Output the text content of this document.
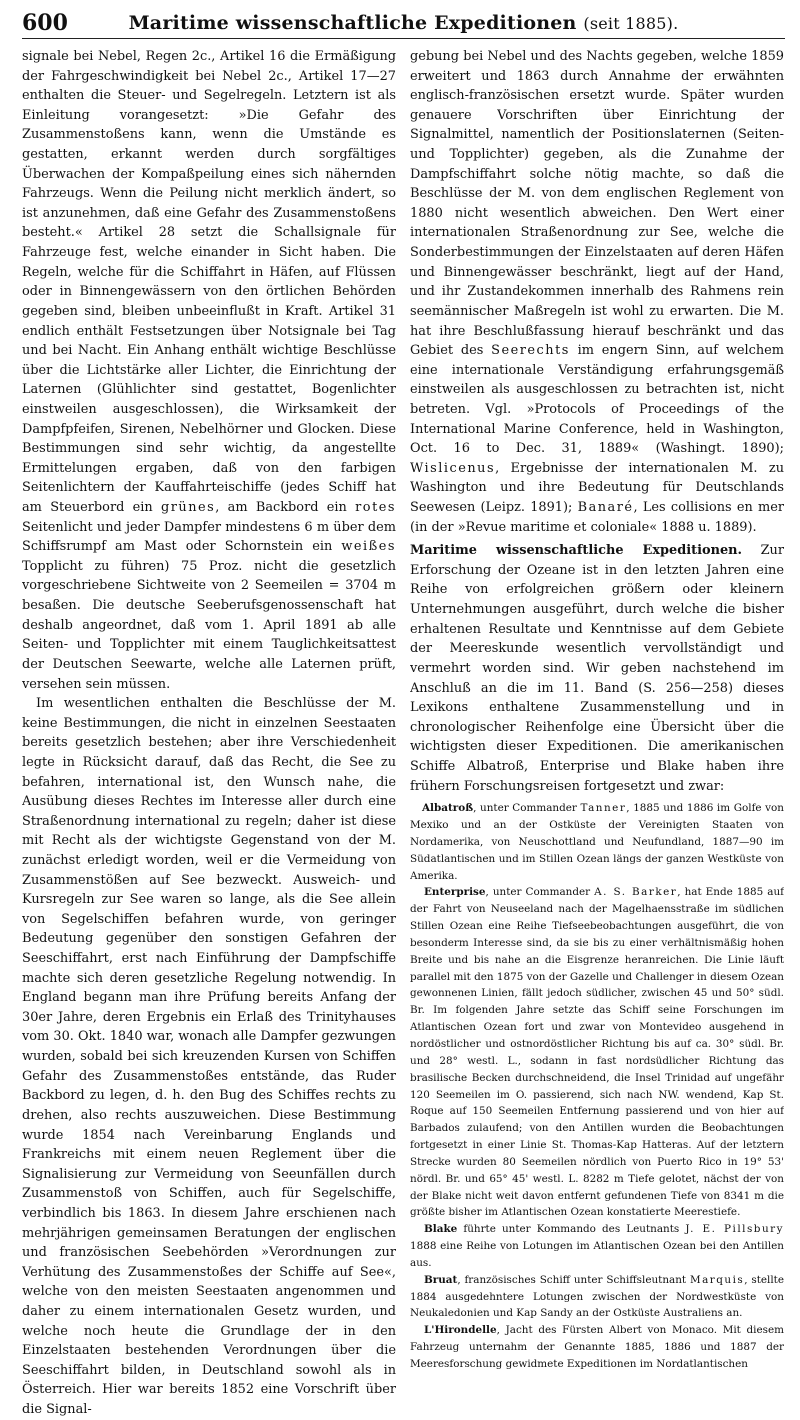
600	Maritime wissenschaftliche Expeditionen (seit 1885).

signale bei Nebel, Regen 2c., Artikel 16 die Ermäßigung der Fahrgeschwindigkeit bei Nebel 2c., Artikel 17—27 enthalten die Steuer- und Segelregeln. Letztern ist als Einleitung vorangesetzt: »Die Gefahr des Zusammenstoßens kann, wenn die Umstände es gestatten, erkannt werden durch sorgfältiges Überwachen der Kompaßpeilung eines sich nähernden Fahrzeugs. Wenn die Peilung nicht merklich ändert, so ist anzunehmen, daß eine Gefahr des Zusammenstoßens besteht.« Artikel 28 setzt die Schallsignale für Fahrzeuge fest, welche einander in Sicht haben. Die Regeln, welche für die Schiffahrt in Häfen, auf Flüssen oder in Binnengewässern von den örtlichen Behörden gegeben sind, bleiben unbeeinflußt in Kraft. Artikel 31 endlich enthält Festsetzungen über Notsignale bei Tag und bei Nacht. Ein Anhang enthält wichtige Beschlüsse über die Lichtstärke aller Lichter, die Einrichtung der Laternen (Glühlichter sind gestattet, Bogenlichter einstweilen ausgeschlossen), die Wirksamkeit der Dampfpfeifen, Sirenen, Nebelhörner und Glocken. Diese Bestimmungen sind sehr wichtig, da angestellte Ermittelungen ergaben, daß von den farbigen Seitenlichtern der Kauffahrteischiffe (jedes Schiff hat am Steuerbord ein grünes, am Backbord ein rotes Seitenlicht und jeder Dampfer mindestens 6 m über dem Schiffsrumpf am Mast oder Schornstein ein weißes Topplicht zu führen) 75 Proz. nicht die gesetzlich vorgeschriebene Sichtweite von 2 Seemeilen = 3704 m besaßen. Die deutsche Seeberufsgenossenschaft hat deshalb angeordnet, daß vom 1. April 1891 ab alle Seiten- und Topplichter mit einem Tauglichkeitsattest der Deutschen Seewarte, welche alle Laternen prüft, versehen sein müssen.

Im wesentlichen enthalten die Beschlüsse der M. keine Bestimmungen, die nicht in einzelnen Seestaaten bereits gesetzlich bestehen; aber ihre Verschiedenheit legte in Rücksicht darauf, daß das Recht, die See zu befahren, international ist, den Wunsch nahe, die Ausübung dieses Rechtes im Interesse aller durch eine Straßenordnung international zu regeln; daher ist diese mit Recht als der wichtigste Gegenstand von der M. zunächst erledigt worden, weil er die Vermeidung von Zusammenstößen auf See bezweckt. Ausweich- und Kursregeln zur See waren so lange, als die See allein von Segelschiffen befahren wurde, von geringer Bedeutung gegenüber den sonstigen Gefahren der Seeschiffahrt, erst nach Einführung der Dampfschiffe machte sich deren gesetzliche Regelung notwendig. In England begann man ihre Prüfung bereits Anfang der 30er Jahre, deren Ergebnis ein Erlaß des Trinityhauses vom 30. Okt. 1840 war, wonach alle Dampfer gezwungen wurden, sobald bei sich kreuzenden Kursen von Schiffen Gefahr des Zusammenstoßes entstände, das Ruder Backbord zu legen, d. h. den Bug des Schiffes rechts zu drehen, also rechts auszuweichen. Diese Bestimmung wurde 1854 nach Vereinbarung Englands und Frankreichs mit einem neuen Reglement über die Signalisierung zur Vermeidung von Seeunfällen durch Zusammenstoß von Schiffen, auch für Segelschiffe, verbindlich bis 1863. In diesem Jahre erschienen nach mehrjährigen gemeinsamen Beratungen der englischen und französischen Seebehörden »Verordnungen zur Verhütung des Zusammenstoßes der Schiffe auf See«, welche von den meisten Seestaaten angenommen und daher zu einem internationalen Gesetz wurden, und welche noch heute die Grundlage der in den Einzelstaaten bestehenden Verordnungen über die Seeschiffahrt bilden, in Deutschland sowohl als in Österreich. Hier war bereits 1852 eine Vorschrift über die Signal-

gebung bei Nebel und des Nachts gegeben, welche 1859 erweitert und 1863 durch Annahme der erwähnten englisch-französischen ersetzt wurde. Später wurden genauere Vorschriften über Einrichtung der Signalmittel, namentlich der Positionslaternen (Seiten- und Topplichter) gegeben, als die Zunahme der Dampfschiffahrt solche nötig machte, so daß die Beschlüsse der M. von dem englischen Reglement von 1880 nicht wesentlich abweichen. Den Wert einer internationalen Straßenordnung zur See, welche die Sonderbestimmungen der Einzelstaaten auf deren Häfen und Binnengewässer beschränkt, liegt auf der Hand, und ihr Zustandekommen innerhalb des Rahmens rein seemännischer Maßregeln ist wohl zu erwarten. Die M. hat ihre Beschlußfassung hierauf beschränkt und das Gebiet des Seerechts im engern Sinn, auf welchem eine internationale Verständigung erfahrungsgemäß einstweilen als ausgeschlossen zu betrachten ist, nicht betreten. Vgl. »Protocols of Proceedings of the International Marine Conference, held in Washington, Oct. 16 to Dec. 31, 1889« (Washingt. 1890); Wislicenus, Ergebnisse der internationalen M. zu Washington und ihre Bedeutung für Deutschlands Seewesen (Leipz. 1891); Banaré, Les collisions en mer (in der »Revue maritime et coloniale« 1888 u. 1889).

Maritime wissenschaftliche Expeditionen. Zur Erforschung der Ozeane ist in den letzten Jahren eine Reihe von erfolgreichen größern oder kleinern Unternehmungen ausgeführt, durch welche die bisher erhaltenen Resultate und Kenntnisse auf dem Gebiete der Meereskunde wesentlich vervollständigt und vermehrt worden sind. Wir geben nachstehend im Anschluß an die im 11. Band (S. 256—258) dieses Lexikons enthaltene Zusammenstellung und in chronologischer Reihenfolge eine Übersicht über die wichtigsten dieser Expeditionen. Die amerikanischen Schiffe Albatroß, Enterprise und Blake haben ihre frühern Forschungsreisen fortgesetzt und zwar:

Albatroß, unter Commander Tanner, 1885 und 1886 im Golfe von Mexiko und an der Ostküste der Vereinigten Staaten von Nordamerika, von Neuschottland und Neufundland, 1887—90 im Südatlantischen und im Stillen Ozean längs der ganzen Westküste von Amerika.

Enterprise, unter Commander A. S. Barker, hat Ende 1885 auf der Fahrt von Neuseeland nach der Magelhaensstraße im südlichen Stillen Ozean eine Reihe Tiefseebeobachtungen ausgeführt, die von besonderm Interesse sind, da sie bis zu einer verhältnismäßig hohen Breite und bis nahe an die Eisgrenze heranreichen. Die Linie läuft parallel mit den 1875 von der Gazelle und Challenger in diesem Ozean gewonnenen Linien, fällt jedoch südlicher, zwischen 45 und 50° südl. Br. Im folgenden Jahre setzte das Schiff seine Forschungen im Atlantischen Ozean fort und zwar von Montevideo ausgehend in nordöstlicher und ostnordöstlicher Richtung bis auf ca. 30° südl. Br. und 28° westl. L., sodann in fast nordsüdlicher Richtung das brasilische Becken durchschneidend, die Insel Trinidad auf ungefähr 120 Seemeilen im O. passierend, sich nach NW. wendend, Kap St. Roque auf 150 Seemeilen Entfernung passierend und von hier auf Barbados zulaufend; von den Antillen wurden die Beobachtungen fortgesetzt in einer Linie St. Thomas-Kap Hatteras. Auf der letztern Strecke wurden 80 Seemeilen nördlich von Puerto Rico in 19° 53' nördl. Br. und 65° 45' westl. L. 8282 m Tiefe gelotet, nächst der von der Blake nicht weit davon entfernt gefundenen Tiefe von 8341 m die größte bisher im Atlantischen Ozean konstatierte Meerestiefe.

Blake führte unter Kommando des Leutnants J. E. Pillsbury 1888 eine Reihe von Lotungen im Atlantischen Ozean bei den Antillen aus.

Bruat, französisches Schiff unter Schiffsleutnant Marquis, stellte 1884 ausgedehntere Lotungen zwischen der Nordwestküste von Neukaledonien und Kap Sandy an der Ostküste Australiens an.

L'Hirondelle, Jacht des Fürsten Albert von Monaco. Mit diesem Fahrzeug unternahm der Genannte 1885, 1886 und 1887 der Meeresforschung gewidmete Expeditionen im Nordatlantischen
